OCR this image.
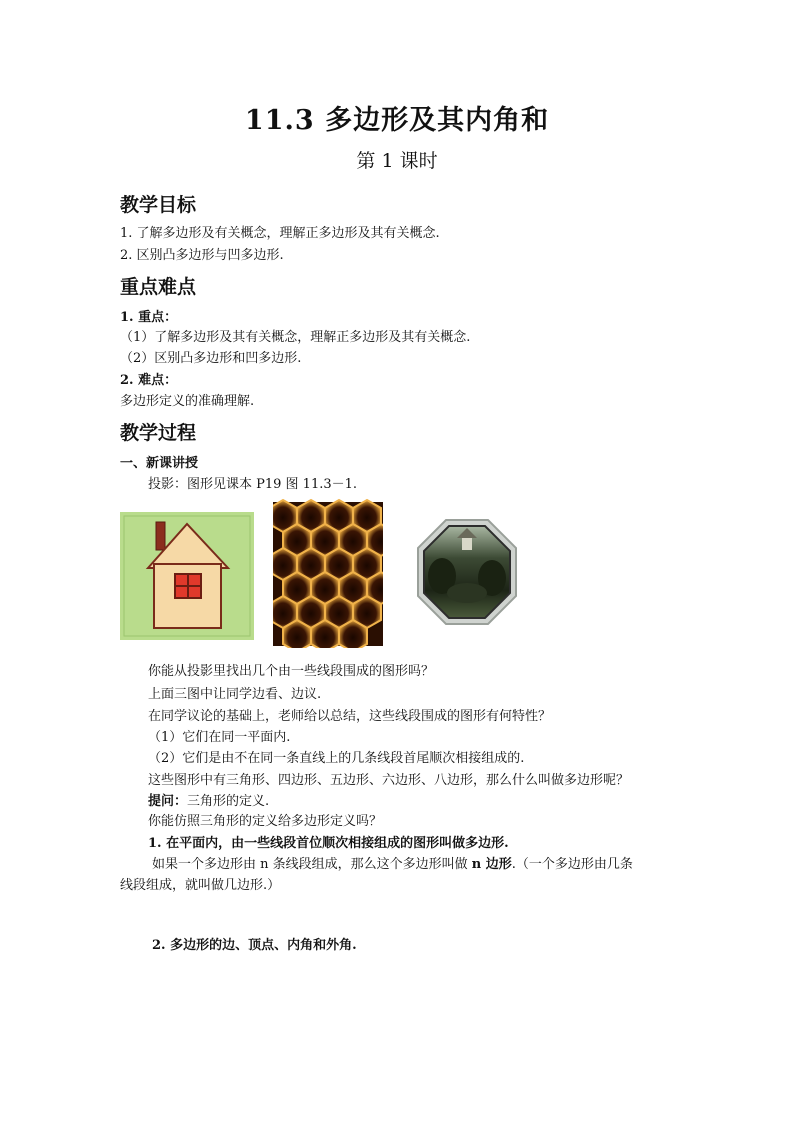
11.3 多边形及其内角和
第 1 课时
教学目标
1. 了解多边形及有关概念，理解正多边形及其有关概念.
2. 区别凸多边形与凹多边形.
重点难点
1. 重点：
（1）了解多边形及其有关概念，理解正多边形及其有关概念.
（2）区别凸多边形和凹多边形.
2. 难点：
多边形定义的准确理解.
教学过程
一、新课讲授
投影：图形见课本 P19 图 11.3－1.
你能从投影里找出几个由一些线段围成的图形吗？
上面三图中让同学边看、边议.
在同学议论的基础上，老师给以总结，这些线段围成的图形有何特性？
（1）它们在同一平面内.
（2）它们是由不在同一条直线上的几条线段首尾顺次相接组成的.
这些图形中有三角形、四边形、五边形、六边形、八边形，那么什么叫做多边形呢？
提问：三角形的定义.
你能仿照三角形的定义给多边形定义吗？
1. 在平面内，由一些线段首位顺次相接组成的图形叫做多边形.
如果一个多边形由 n 条线段组成，那么这个多边形叫做 n 边形.（一个多边形由几条
线段组成，就叫做几边形.）
2. 多边形的边、顶点、内角和外角.
